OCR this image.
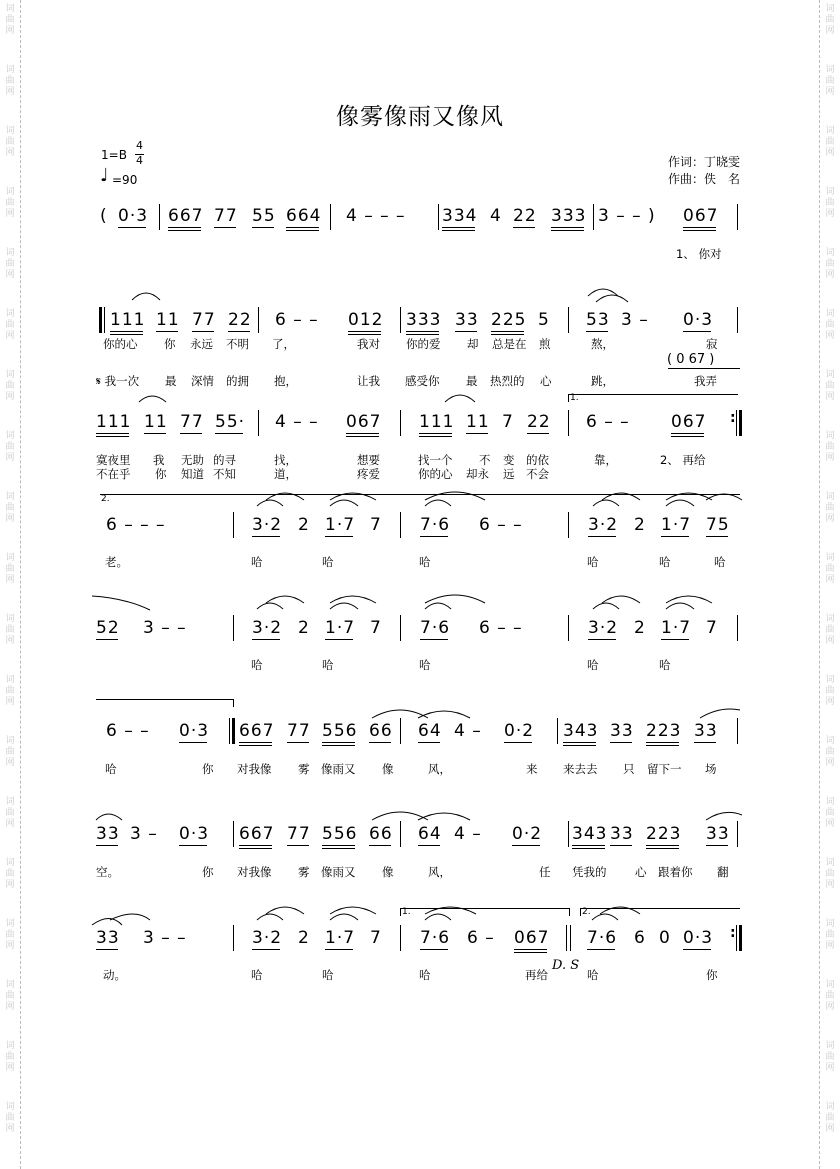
词
曲
网
词
曲
网
词
曲
网
词
曲
网
词
曲
网
词
曲
网
词
曲
网
词
曲
网
词
曲
网
词
曲
网
词
曲
网
词
曲
网
词
曲
网
词
曲
网
词
曲
网
词
曲
网
词
曲
网
词
曲
网
词
曲
网
词
曲
网
词
曲
网
词
曲
网
词
曲
网
词
曲
网
词
曲
网
词
曲
网
词
曲
网
词
曲
网
词
曲
网
词
曲
网
词
曲
网
词
曲
网
词
曲
网
词
曲
网
词
曲
网
词
曲
网
词
曲
网
词
曲
网
像雾像雨又像风
1=B
4
4
♩ =90
作词：丁晓雯
作曲：佚　名
( 0·3 667 77 55 664 4 – – – 334 4 22 333 3 – – ) 067
1、 你对
111 11 77 22 6 – – 012 333 33 225 5 53 3 – 0·3
你的心 你 永远 不明 了，	我对 你的爱 却 总是在 煎	熬，	寂
( 0 67 )
𝄋 我一次 最 深情 的拥 抱，	让我 感受你 最 热烈的 心	跳，	我弄
1.
111 11 77 55· 4 – – 067 111 11 7 22 6 – – 067 :
寞夜里 我 无助 的寻	找，	想要	找一个 不 变 的依	靠，	2、 再给
不在乎 你 知道 不知	道，	疼爱	你的心 却永 远 不会
2.
6 – – –	3·2 2 1·7 7 7·6 6 – –	3·2 2 1·7 75
老。	哈	哈	哈	哈	哈	哈
52 3 – –	3·2 2 1·7 7 7·6 6 – –	3·2 2 1·7 7
哈	哈	哈	哈	哈
6 – – 0·3 667 77 556 66 64 4 – 0·2 343 33 223 33
哈	你 对我像 雾 像雨又 像	风，	来 来去去 只 留下一 场
33 3 – 0·3 667 77 556 66 64 4 – 0·2 343 33 223 33
空。	你 对我像 雾 像雨又 像	风，	任 凭我的 心 跟着你 翻
1.	2.
33 3 – –	3·2 2 1·7 7 7·6 6 – 067 7·6 6 0 0·3 :
动。	哈	哈	哈	再给
D. S
哈	你
